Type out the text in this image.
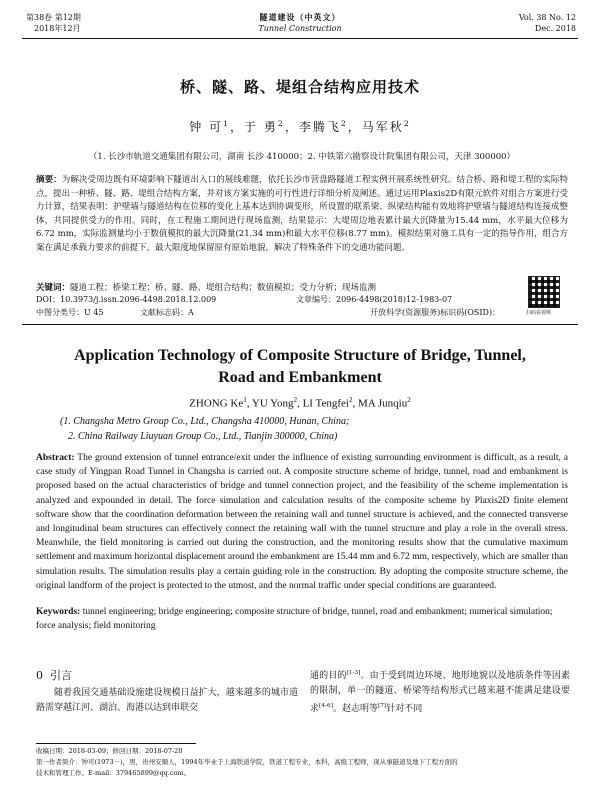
第38卷 第12期
2018年12月
隧道建设（中英文）
Tunnel Construction
Vol. 38 No. 12
Dec. 2018
桥、隧、路、堤组合结构应用技术
钟 可$^1$，于 勇$^2$，李腾飞$^2$，马军秋$^2$
（1. 长沙市轨道交通集团有限公司，湖南 长沙 410000；2. 中铁第六勘察设计院集团有限公司，天津 300000）
摘要：为解决受周边既有环境影响下隧道出入口的展线难题，依托长沙市营盘路隧道工程实例开展系统性研究。结合桥、路和堤工程的实际特点，提出一种桥、隧、路、堤组合结构方案，并对该方案实施的可行性进行详细分析及阐述。通过运用Plaxis2D有限元软件对组合方案进行受力计算，结果表明：护壁墙与隧道结构在位移的变化上基本达到协调变形，所设置的联系梁、纵梁结构能有效地将护壁墙与隧道结构连接成整体，共同提供受力的作用。同时，在工程施工期间进行现场监测，结果显示：大堤周边地表累计最大沉降量为15.44 mm，水平最大位移为6.72 mm，实际监测量均小于数值模拟的最大沉降量(21.34 mm)和最大水平位移(8.77 mm)。模拟结果对施工具有一定的指导作用，组合方案在满足承载力要求的前提下，最大限度地保留原有原始地貌，解决了特殊条件下的交通功能问题。
关键词：隧道工程；桥梁工程；桥、隧、路、堤组合结构；数值模拟；受力分析；现场监测
DOI：10.3973/j.issn.2096-4498.2018.12.009	文章编号：2096-4498(2018)12-1983-07
中图分类号：U 45	文献标志码：A	开放科学(资源服务)标识码(OSID)：	扫码看视频
Application Technology of Composite Structure of Bridge, Tunnel,
Road and Embankment
ZHONG Ke$^1$, YU Yong$^2$, LI Tengfei$^2$, MA Junqiu$^2$
(1. Changsha Metro Group Co., Ltd., Changsha 410000, Hunan, China;
2. China Railway Liuyuan Group Co., Ltd., Tianjin 300000, China)
Abstract: The ground extension of tunnel entrance/exit under the influence of existing surrounding environment is difficult, as a result, a case study of Yingpan Road Tunnel in Changsha is carried out. A composite structure scheme of bridge, tunnel, road and embankment is proposed based on the actual characteristics of bridge and tunnel connection project, and the feasibility of the scheme implementation is analyzed and expounded in detail. The force simulation and calculation results of the composite scheme by Plaxis2D finite element software show that the coordination deformation between the retaining wall and tunnel structure is achieved, and the connected transverse and longitudinal beam structures can effectively connect the retaining wall with the tunnel structure and play a role in the overall stress. Meanwhile, the field monitoring is carried out during the construction, and the monitoring results show that the cumulative maximum settlement and maximum horizontal displacement around the embankment are 15.44 mm and 6.72 mm, respectively, which are smaller than simulation results. The simulation results play a certain guiding role in the construction. By adopting the composite structure scheme, the original landform of the project is protected to the utmost, and the normal traffic under special conditions are guaranteed.
Keywords: tunnel engineering; bridge engineering; composite structure of bridge, tunnel, road and embankment; numerical simulation; force analysis; field monitoring
0 引言
随着我国交通基础设施建设规模日益扩大，越来越多的城市道路需穿越江河、湖泊、海港以达到串联交
通的目的[1-3]。由于受到周边环境、地形地貌以及地质条件等因素的限制，单一的隧道、桥梁等结构形式已越来越不能满足建设要求[4-6]。赵志明等[7]针对不同
收稿日期：2018-03-09；修回日期：2018-07-20
第一作者简介：钟可(1973－)，男，贵州安顺人，1994年毕业于上海铁道学院，铁道工程专业，本科，高级工程师，现从事隧道及地下工程方面的
技术和管理工作。E-mail：379465899@qq.com。
